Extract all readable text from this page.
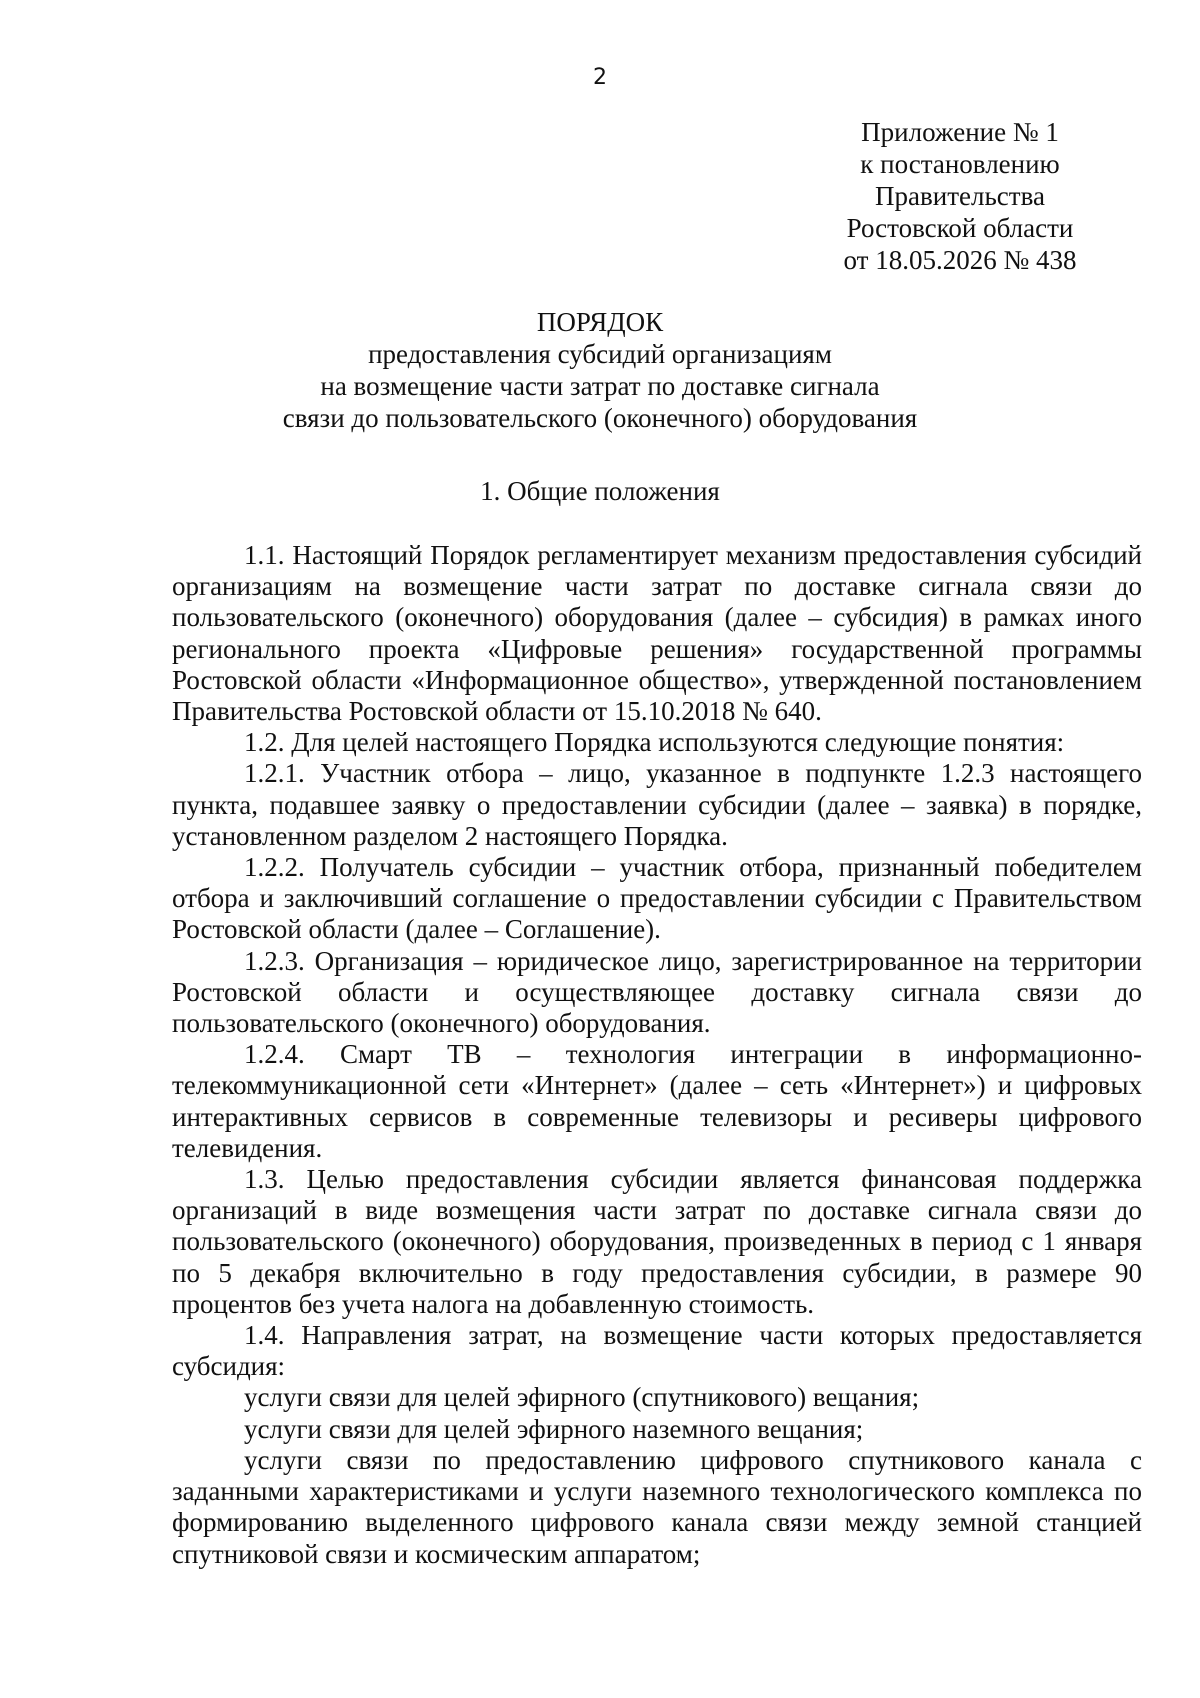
2
Приложение № 1
к постановлению
Правительства
Ростовской области
от 18.05.2026 № 438
ПОРЯДОК
предоставления субсидий организациям
на возмещение части затрат по доставке сигнала
связи до пользовательского (оконечного) оборудования
1. Общие положения

1.1. Настоящий Порядок регламентирует механизм предоставления субсидий организациям на возмещение части затрат по доставке сигнала связи до пользовательского (оконечного) оборудования (далее – субсидия) в рамках иного регионального проекта «Цифровые решения» государственной программы Ростовской области «Информационное общество», утвержденной постановлением Правительства Ростовской области от 15.10.2018 № 640.

1.2. Для целей настоящего Порядка используются следующие понятия:

1.2.1. Участник отбора – лицо, указанное в подпункте 1.2.3 настоящего пункта, подавшее заявку о предоставлении субсидии (далее – заявка) в порядке, установленном разделом 2 настоящего Порядка.

1.2.2. Получатель субсидии – участник отбора, признанный победителем отбора и заключивший соглашение о предоставлении субсидии с Правительством Ростовской области (далее – Соглашение).

1.2.3. Организация – юридическое лицо, зарегистрированное на территории Ростовской области и осуществляющее доставку сигнала связи до пользовательского (оконечного) оборудования.

1.2.4. Смарт ТВ – технология интеграции в информационно-телекоммуникационной сети «Интернет» (далее – сеть «Интернет») и цифровых интерактивных сервисов в современные телевизоры и ресиверы цифрового телевидения.

1.3. Целью предоставления субсидии является финансовая поддержка организаций в виде возмещения части затрат по доставке сигнала связи до пользовательского (оконечного) оборудования, произведенных в период с 1 января по 5 декабря включительно в году предоставления субсидии, в размере 90 процентов без учета налога на добавленную стоимость.

1.4. Направления затрат, на возмещение части которых предоставляется субсидия:

услуги связи для целей эфирного (спутникового) вещания;

услуги связи для целей эфирного наземного вещания;

услуги связи по предоставлению цифрового спутникового канала с заданными характеристиками и услуги наземного технологического комплекса по формированию выделенного цифрового канала связи между земной станцией спутниковой связи и космическим аппаратом;
